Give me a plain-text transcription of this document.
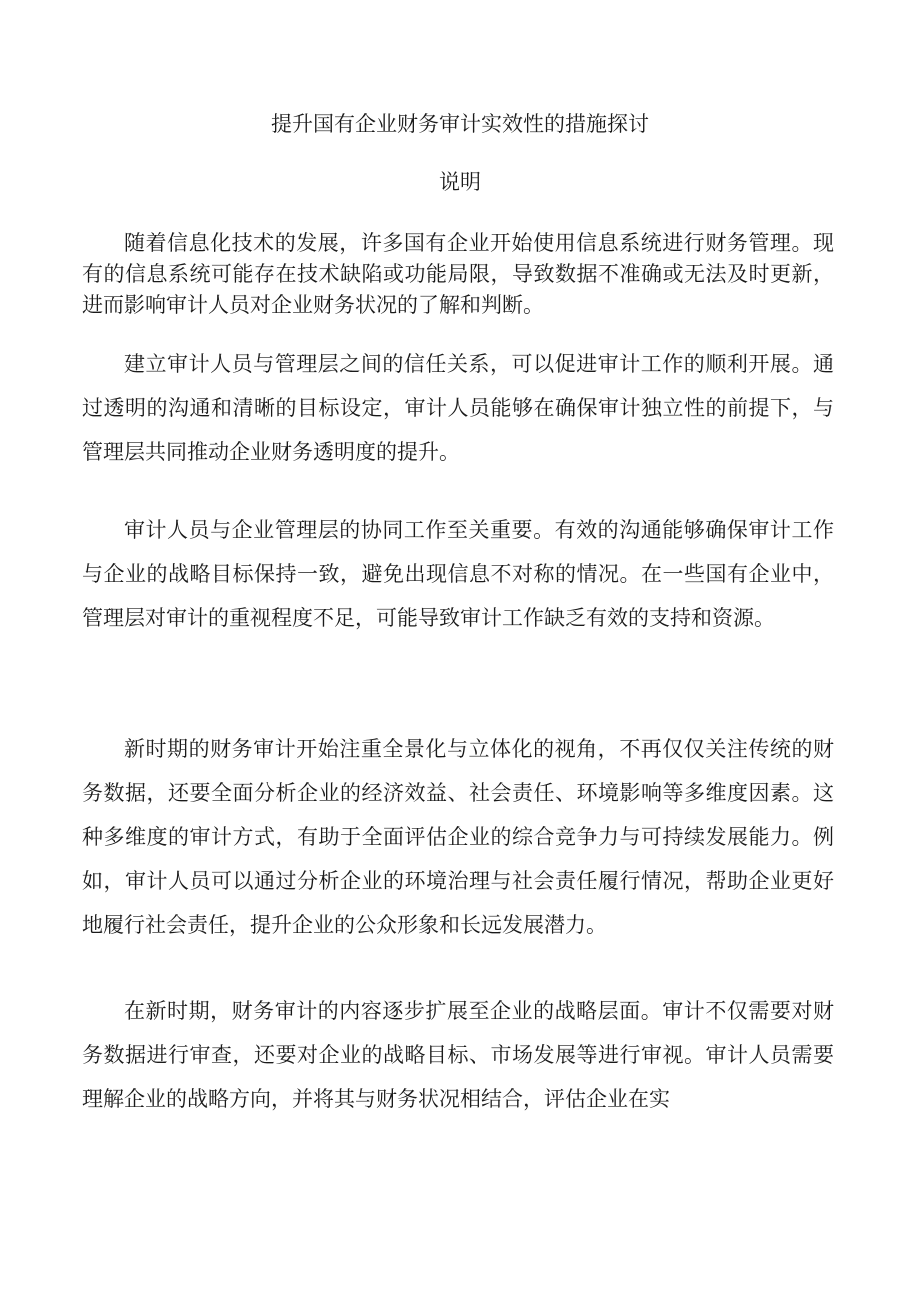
提升国有企业财务审计实效性的措施探讨
说明

随着信息化技术的发展，许多国有企业开始使用信息系统进行财务管理。现有的信息系统可能存在技术缺陷或功能局限，导致数据不准确或无法及时更新，进而影响审计人员对企业财务状况的了解和判断。

建立审计人员与管理层之间的信任关系，可以促进审计工作的顺利开展。通过透明的沟通和清晰的目标设定，审计人员能够在确保审计独立性的前提下，与管理层共同推动企业财务透明度的提升。

审计人员与企业管理层的协同工作至关重要。有效的沟通能够确保审计工作与企业的战略目标保持一致，避免出现信息不对称的情况。在一些国有企业中，管理层对审计的重视程度不足，可能导致审计工作缺乏有效的支持和资源。

新时期的财务审计开始注重全景化与立体化的视角，不再仅仅关注传统的财务数据，还要全面分析企业的经济效益、社会责任、环境影响等多维度因素。这种多维度的审计方式，有助于全面评估企业的综合竞争力与可持续发展能力。例如，审计人员可以通过分析企业的环境治理与社会责任履行情况，帮助企业更好地履行社会责任，提升企业的公众形象和长远发展潜力。

在新时期，财务审计的内容逐步扩展至企业的战略层面。审计不仅需要对财务数据进行审查，还要对企业的战略目标、市场发展等进行审视。审计人员需要理解企业的战略方向，并将其与财务状况相结合，评估企业在实
